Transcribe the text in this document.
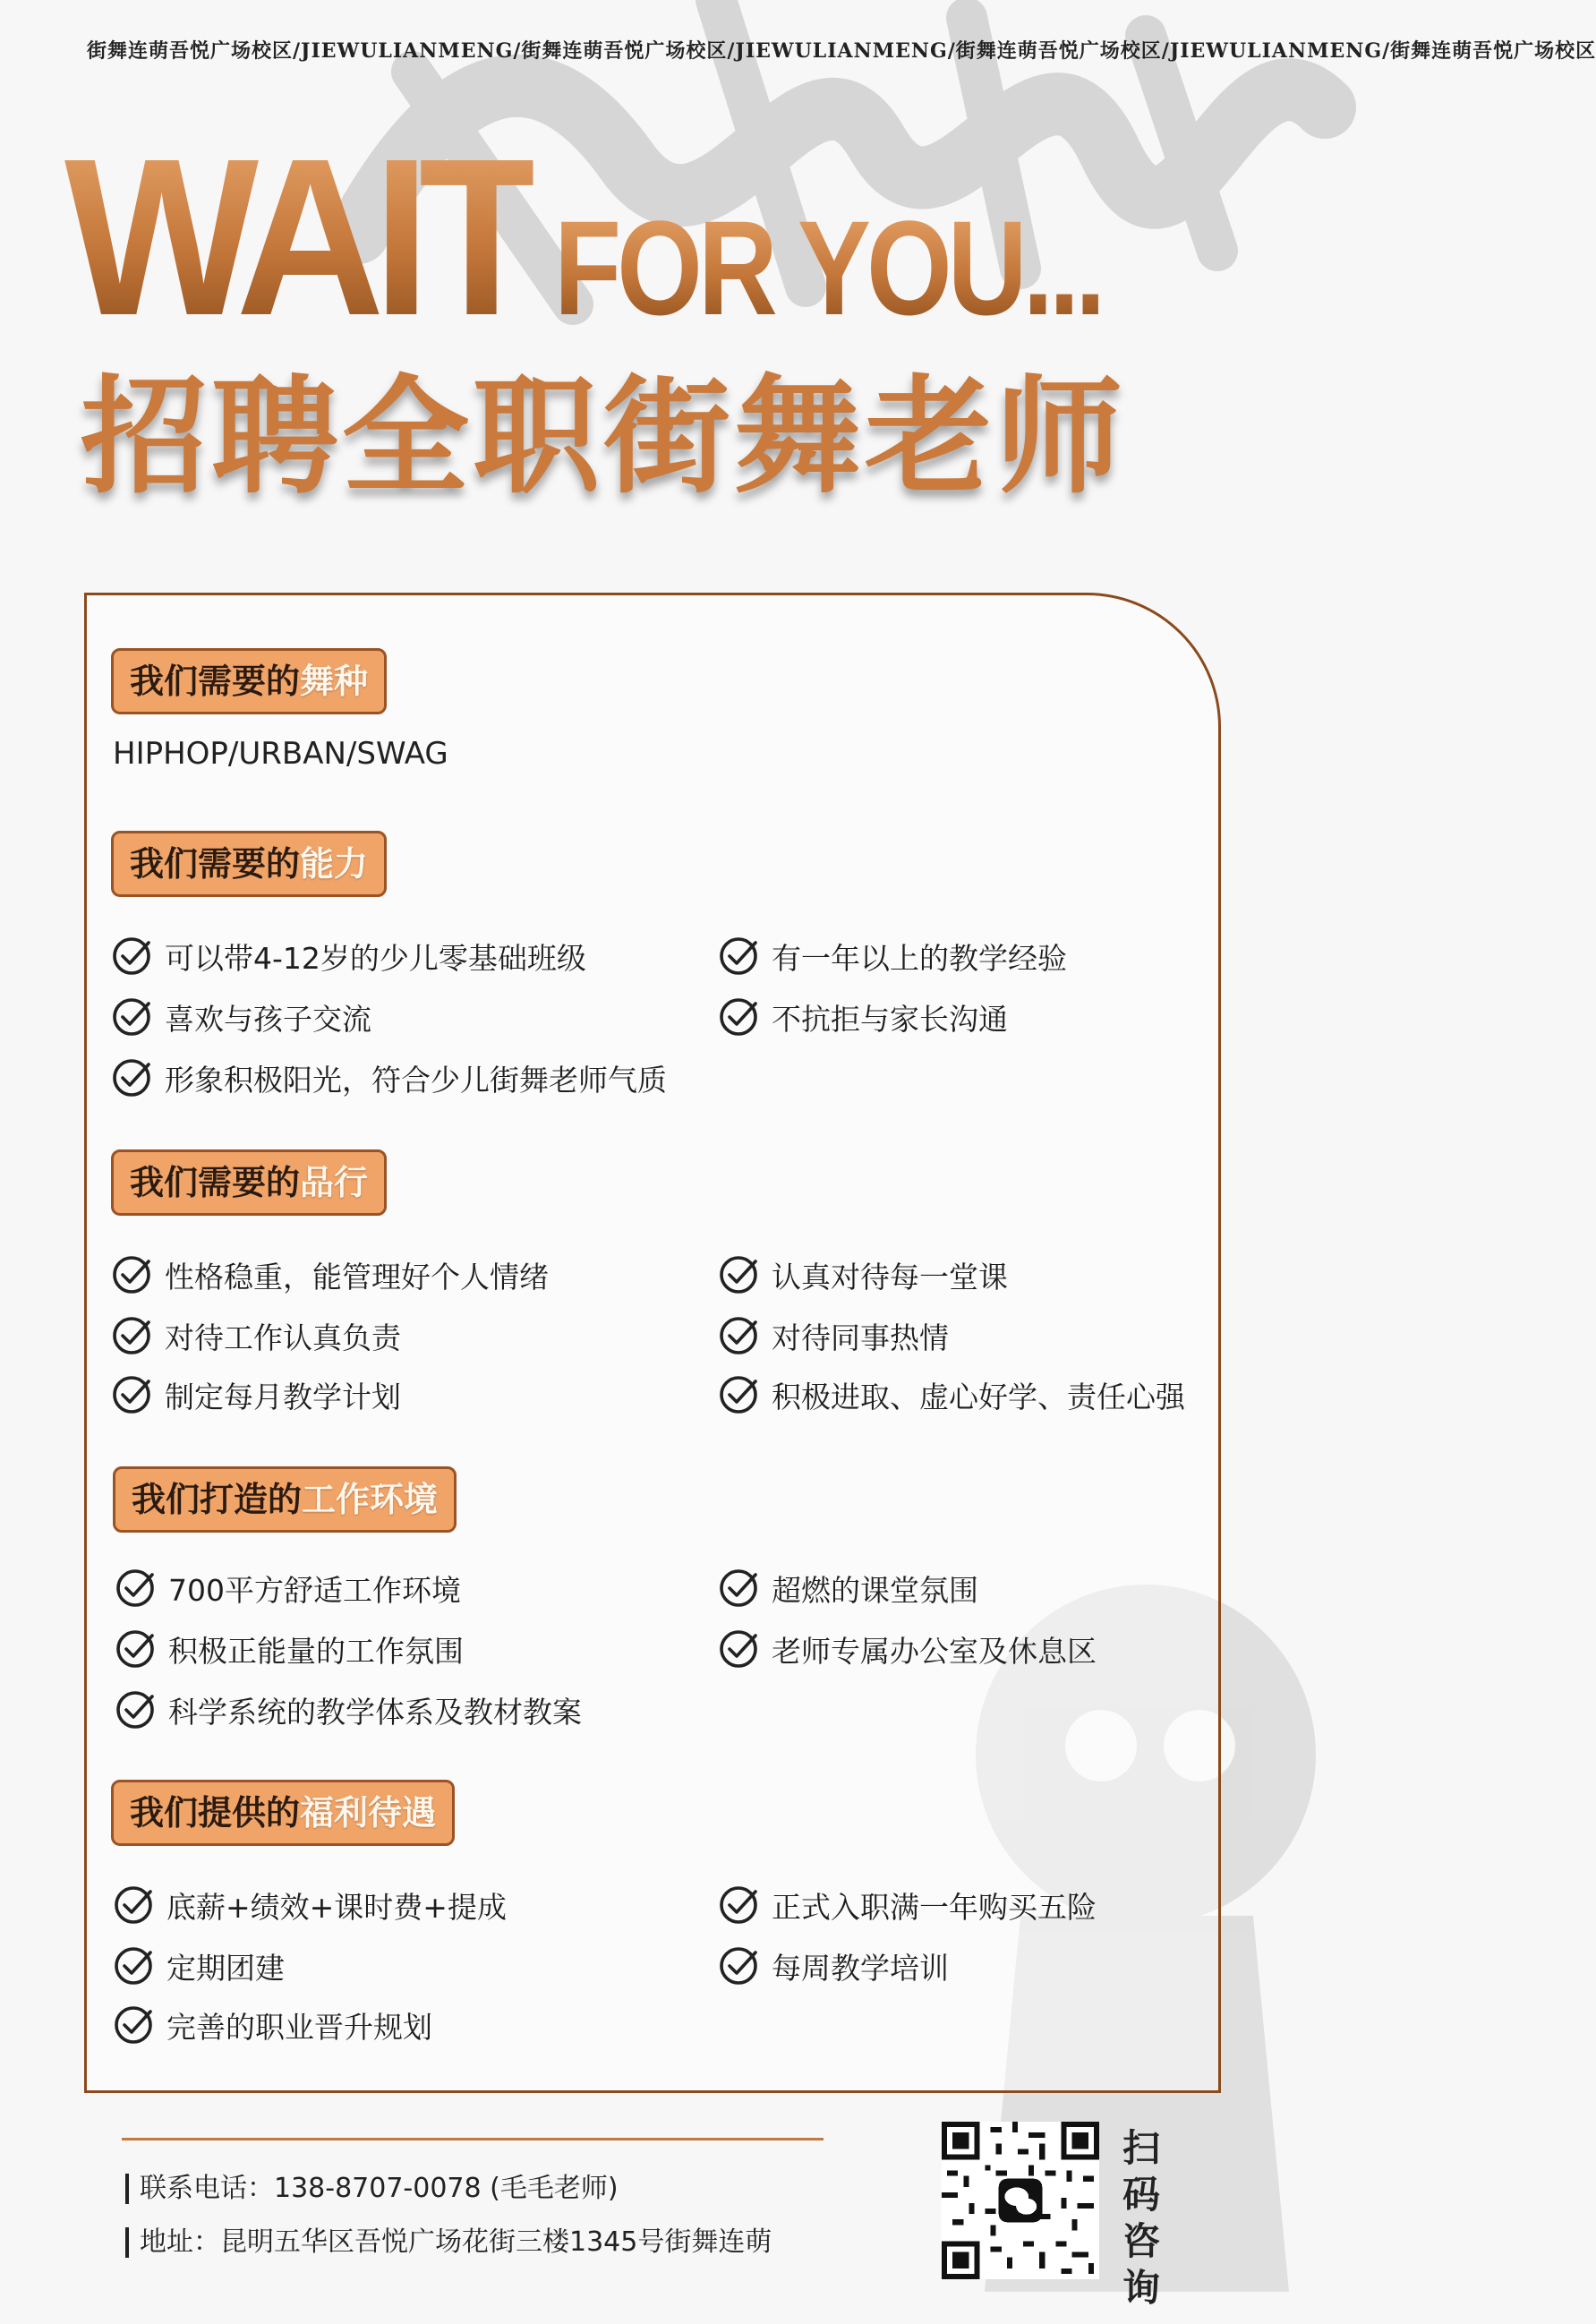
街舞连萌吾悦广场校区/JIEWULIANMENG/街舞连萌吾悦广场校区/JIEWULIANMENG/街舞连萌吾悦广场校区/JIEWULIANMENG/街舞连萌吾悦广场校区
WAIT FOR YOU...
招聘全职街舞老师
我们需要的舞种
HIPHOP/URBAN/SWAG
我们需要的能力
可以带4-12岁的少儿零基础班级	有一年以上的教学经验
喜欢与孩子交流	不抗拒与家长沟通
形象积极阳光，符合少儿街舞老师气质
我们需要的品行
性格稳重，能管理好个人情绪	认真对待每一堂课
对待工作认真负责	对待同事热情
制定每月教学计划	积极进取、虚心好学、责任心强
我们打造的工作环境
700平方舒适工作环境	超燃的课堂氛围
积极正能量的工作氛围	老师专属办公室及休息区
科学系统的教学体系及教材教案
我们提供的福利待遇
底薪+绩效+课时费+提成	正式入职满一年购买五险
定期团建	每周教学培训
完善的职业晋升规划
联系电话：138-8707-0078 (毛毛老师)
地址：昆明五华区吾悦广场花街三楼1345号街舞连萌
扫
码
咨
询
